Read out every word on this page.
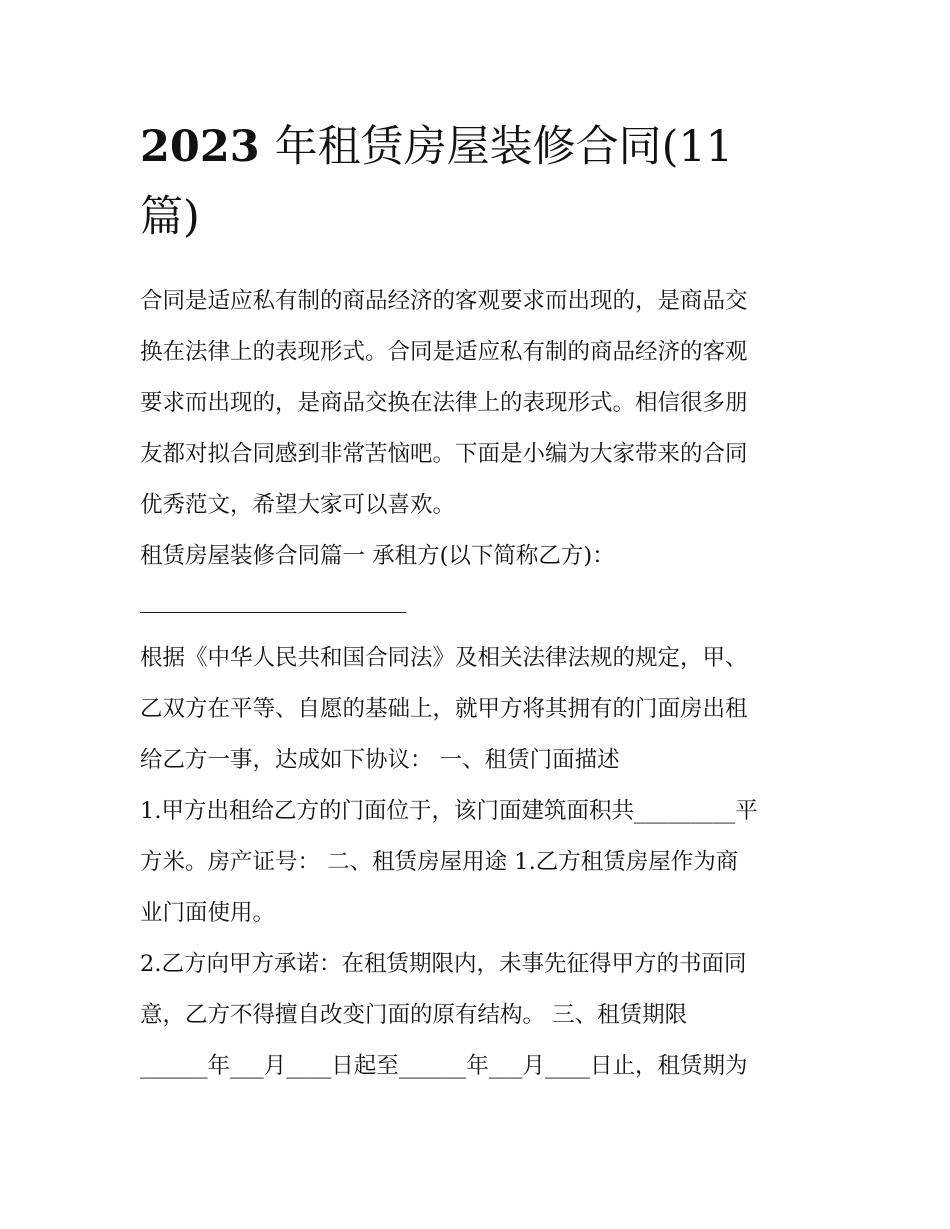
2023 年租赁房屋装修合同(11
篇)

合同是适应私有制的商品经济的客观要求而出现的，是商品交

换在法律上的表现形式。合同是适应私有制的商品经济的客观

要求而出现的，是商品交换在法律上的表现形式。相信很多朋

友都对拟合同感到非常苦恼吧。下面是小编为大家带来的合同

优秀范文，希望大家可以喜欢。

租赁房屋装修合同篇一 承租方(以下简称乙方)：

根据《中华人民共和国合同法》及相关法律法规的规定，甲、

乙双方在平等、自愿的基础上，就甲方将其拥有的门面房出租

给乙方一事，达成如下协议： 一、租赁门面描述

1.甲方出租给乙方的门面位于，该门面建筑面积共_________平

方米。房产证号： 二、租赁房屋用途 1.乙方租赁房屋作为商

业门面使用。

2.乙方向甲方承诺：在租赁期限内，未事先征得甲方的书面同

意，乙方不得擅自改变门面的原有结构。 三、租赁期限

______年___月____日起至______年___月____日止，租赁期为
